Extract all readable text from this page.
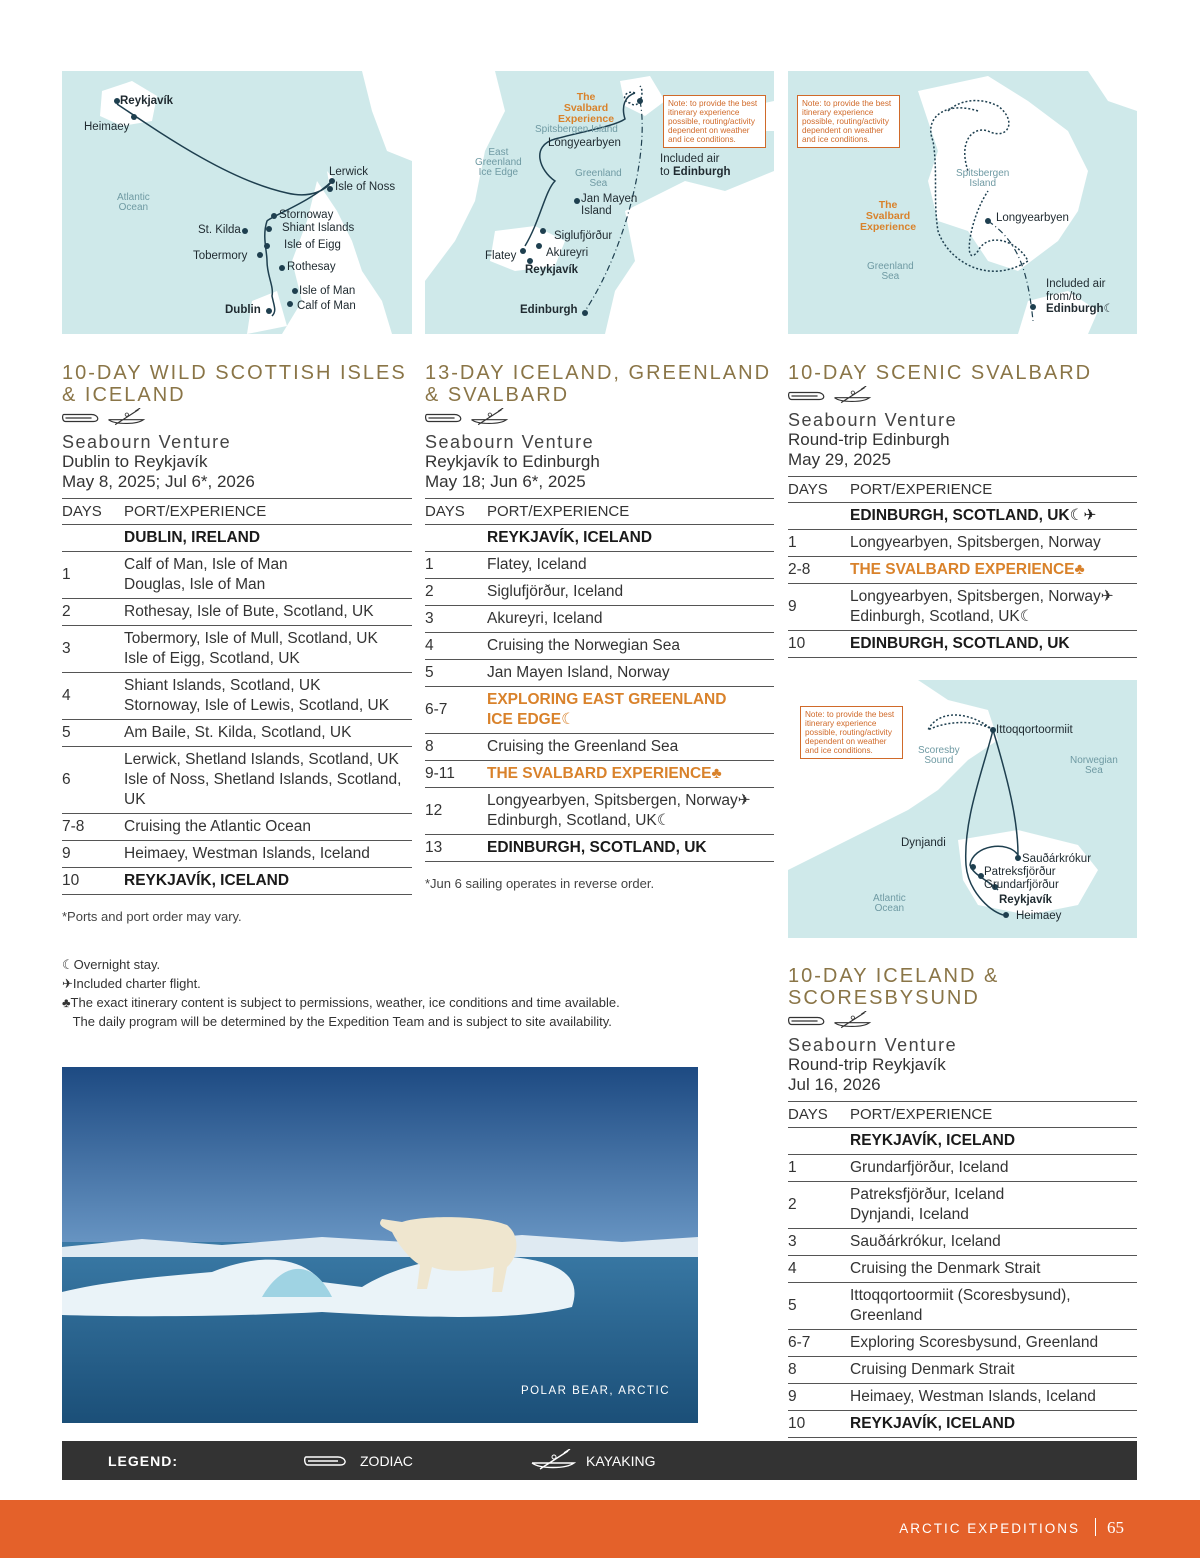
Reykjavík
Heimaey
Lerwick
Isle of Noss
Atlantic
Ocean
St. Kilda
Stornoway
Shiant Islands
Isle of Eigg
Tobermory
Rothesay
Isle of Man
Calf of Man
Dublin
The
Svalbard
Experience
Note: to provide the best
itinerary experience
possible, routing/activity
dependent on weather
and ice conditions.
Spitsbergen Island
Longyearbyen
Included air
to Edinburgh
East
Greenland
Ice Edge	Greenland
Sea
Jan Mayen
Island
Siglufjörður
Akureyri
Flatey
Reykjavík
Edinburgh
Note: to provide the best
itinerary experience
possible, routing/activity
dependent on weather
and ice conditions.
The
Svalbard
Experience
Spitsbergen
Island
Longyearbyen
Greenland
Sea
Included air
from/to
Edinburgh☾
Note: to provide the best
itinerary experience
possible, routing/activity
dependent on weather
and ice conditions.
Ittoqqortoormiit
Scoresby
Sound	Norwegian
Sea
Dynjandi
Sauðárkrókur
Patreksfjörður
Grundarfjörður
Reykjavík
Atlantic
Ocean
Heimaey
10-DAY WILD SCOTTISH ISLES & ICELAND
Seabourn Venture
Dublin to Reykjavík
May 8, 2025; Jul 6*, 2026
DAYS	PORT/EXPERIENCE

	DUBLIN, IRELAND

1	Calf of Man, Isle of Man
Douglas, Isle of Man

2	Rothesay, Isle of Bute, Scotland, UK

3	Tobermory, Isle of Mull, Scotland, UK
Isle of Eigg, Scotland, UK

4	Shiant Islands, Scotland, UK
Stornoway, Isle of Lewis, Scotland, UK

5	Am Baile, St. Kilda, Scotland, UK

6	Lerwick, Shetland Islands, Scotland, UK
Isle of Noss, Shetland Islands, Scotland, UK

7-8	Cruising the Atlantic Ocean

9	Heimaey, Westman Islands, Iceland

10	REYKJAVÍK, ICELAND
*Ports and port order may vary.
13-DAY ICELAND, GREENLAND & SVALBARD
Seabourn Venture
Reykjavík to Edinburgh
May 18; Jun 6*, 2025
DAYS	PORT/EXPERIENCE

	REYKJAVÍK, ICELAND

1	Flatey, Iceland

2	Siglufjörður, Iceland

3	Akureyri, Iceland

4	Cruising the Norwegian Sea

5	Jan Mayen Island, Norway

6-7	EXPLORING EAST GREENLAND
ICE EDGE☾

8	Cruising the Greenland Sea

9-11	THE SVALBARD EXPERIENCE♣

12	Longyearbyen, Spitsbergen, Norway✈
Edinburgh, Scotland, UK☾

13	EDINBURGH, SCOTLAND, UK
*Jun 6 sailing operates in reverse order.
10-DAY SCENIC SVALBARD
Seabourn Venture
Round-trip Edinburgh
May 29, 2025
DAYS	PORT/EXPERIENCE

	EDINBURGH, SCOTLAND, UK☾✈

1	Longyearbyen, Spitsbergen, Norway

2-8	THE SVALBARD EXPERIENCE♣

9	Longyearbyen, Spitsbergen, Norway✈
Edinburgh, Scotland, UK☾

10	EDINBURGH, SCOTLAND, UK
10-DAY ICELAND & SCORESBYSUND
Seabourn Venture
Round-trip Reykjavík
Jul 16, 2026
DAYS	PORT/EXPERIENCE

	REYKJAVÍK, ICELAND

1	Grundarfjörður, Iceland

2	Patreksfjörður, Iceland
Dynjandi, Iceland

3	Sauðárkrókur, Iceland

4	Cruising the Denmark Strait

5	Ittoqqortoormiit (Scoresbysund),
Greenland

6-7	Exploring Scoresbysund, Greenland

8	Cruising Denmark Strait

9	Heimaey, Westman Islands, Iceland

10	REYKJAVÍK, ICELAND
☾Overnight stay.
✈Included charter flight.
♣The exact itinerary content is subject to permissions, weather, ice conditions and time available.
The daily program will be determined by the Expedition Team and is subject to site availability.
POLAR BEAR, ARCTIC
LEGEND:	ZODIAC	KAYAKING
ARCTIC EXPEDITIONS 65
